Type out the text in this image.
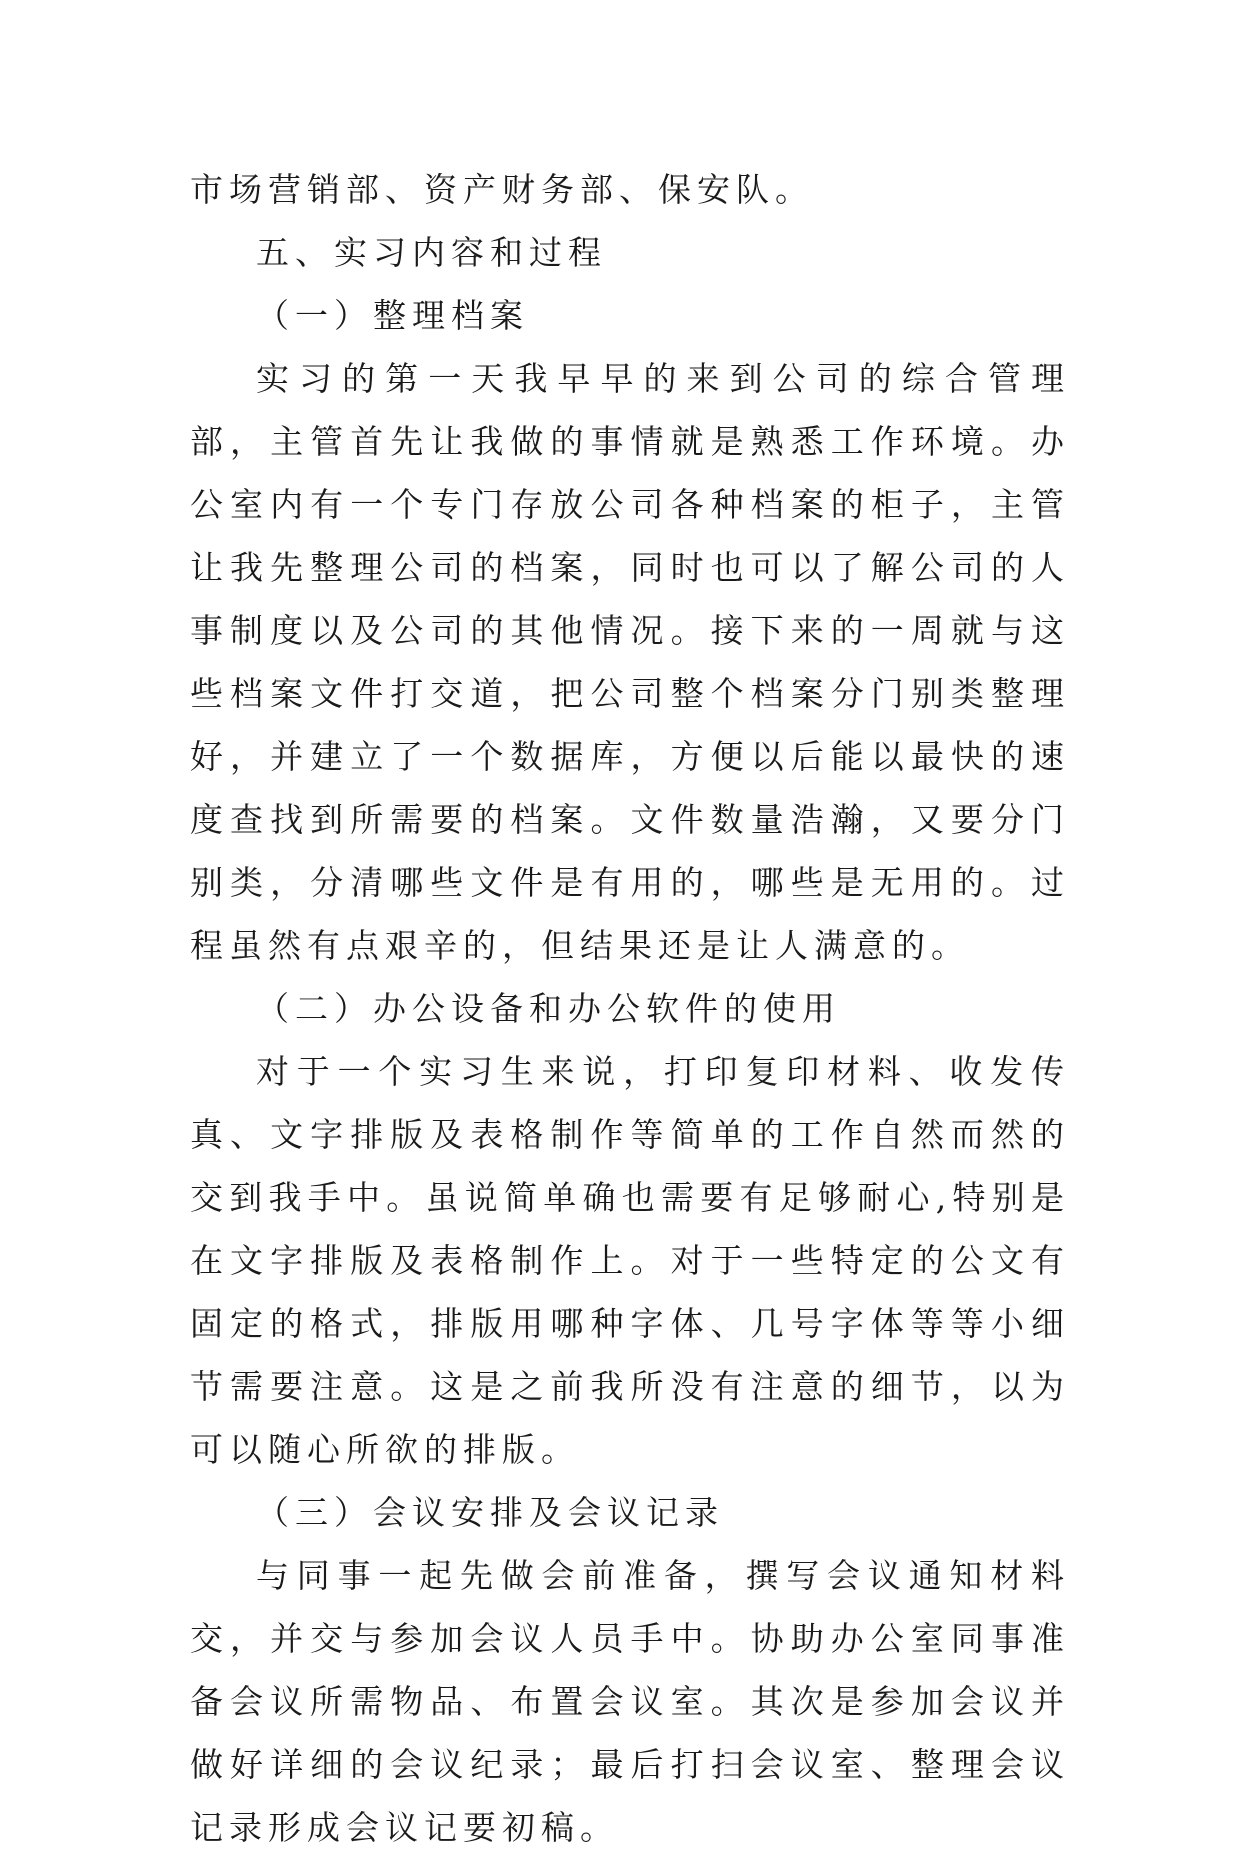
市场营销部、资产财务部、保安队。

五、实习内容和过程

（一）整理档案

实习的第一天我早早的来到公司的综合管理部，主管首先让我做的事情就是熟悉工作环境。办公室内有一个专门存放公司各种档案的柜子，主管让我先整理公司的档案，同时也可以了解公司的人事制度以及公司的其他情况。接下来的一周就与这些档案文件打交道，把公司整个档案分门别类整理好，并建立了一个数据库，方便以后能以最快的速度查找到所需要的档案。文件数量浩瀚，又要分门别类，分清哪些文件是有用的，哪些是无用的。过程虽然有点艰辛的，但结果还是让人满意的。

（二）办公设备和办公软件的使用

对于一个实习生来说，打印复印材料、收发传真、文字排版及表格制作等简单的工作自然而然的交到我手中。虽说简单确也需要有足够耐心,特别是在文字排版及表格制作上。对于一些特定的公文有固定的格式，排版用哪种字体、几号字体等等小细节需要注意。这是之前我所没有注意的细节，以为可以随心所欲的排版。

（三）会议安排及会议记录

与同事一起先做会前准备，撰写会议通知材料交，并交与参加会议人员手中。协助办公室同事准备会议所需物品、布置会议室。其次是参加会议并做好详细的会议纪录；最后打扫会议室、整理会议记录形成会议记要初稿。
